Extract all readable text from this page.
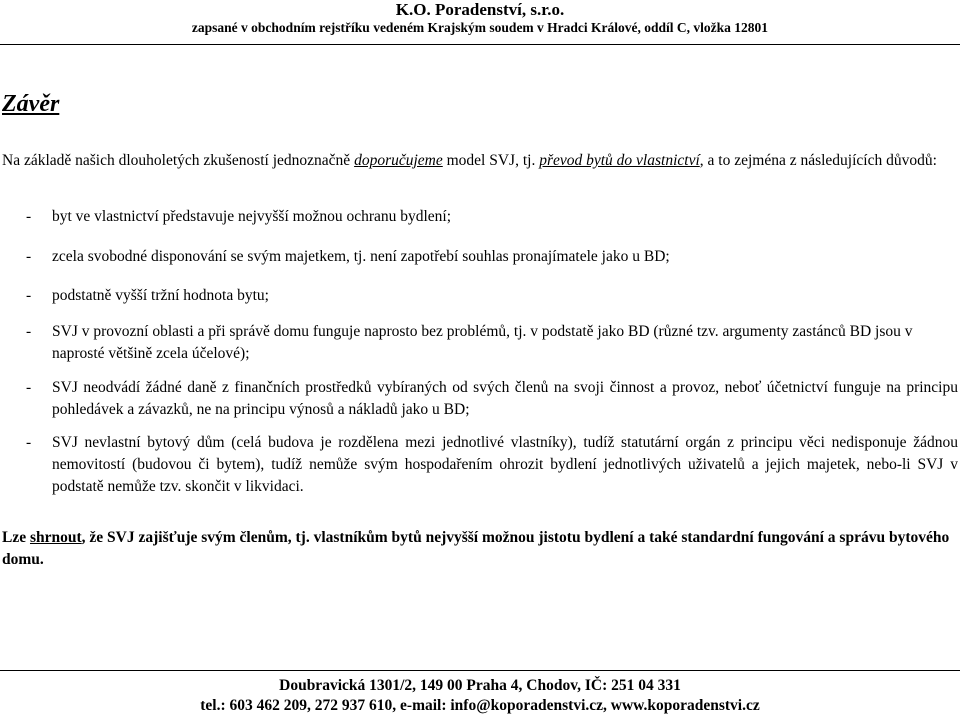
K.O. Poradenství, s.r.o.
zapsané v obchodním rejstříku vedeném Krajským soudem v Hradci Králové, oddíl C, vložka 12801
Závěr

Na základě našich dlouholetých zkušeností jednoznačně doporučujeme model SVJ, tj. převod bytů do vlastnictví, a to zejména z následujících důvodů:

- byt ve vlastnictví představuje nejvyšší možnou ochranu bydlení;
- zcela svobodné disponování se svým majetkem, tj. není zapotřebí souhlas pronajímatele jako u BD;
- podstatně vyšší tržní hodnota bytu;
- SVJ v provozní oblasti a při správě domu funguje naprosto bez problémů, tj. v podstatě jako BD (různé tzv. argumenty zastánců BD jsou v naprosté většině zcela účelové);
- SVJ neodvádí žádné daně z finančních prostředků vybíraných od svých členů na svoji činnost a provoz, neboť účetnictví funguje na principu pohledávek a závazků, ne na principu výnosů a nákladů jako u BD;
- SVJ nevlastní bytový dům (celá budova je rozdělena mezi jednotlivé vlastníky), tudíž statutární orgán z principu věci nedisponuje žádnou nemovitostí (budovou či bytem), tudíž nemůže svým hospodařením ohrozit bydlení jednotlivých uživatelů a jejich majetek, nebo-li SVJ v podstatě nemůže tzv. skončit v likvidaci.

Lze shrnout, že SVJ zajišťuje svým členům, tj. vlastníkům bytů nejvyšší možnou jistotu bydlení a také standardní fungování a správu bytového domu.

Doubravická 1301/2, 149 00 Praha 4, Chodov, IČ: 251 04 331
tel.: 603 462 209, 272 937 610, e-mail: info@koporadenstvi.cz, www.koporadenstvi.cz
